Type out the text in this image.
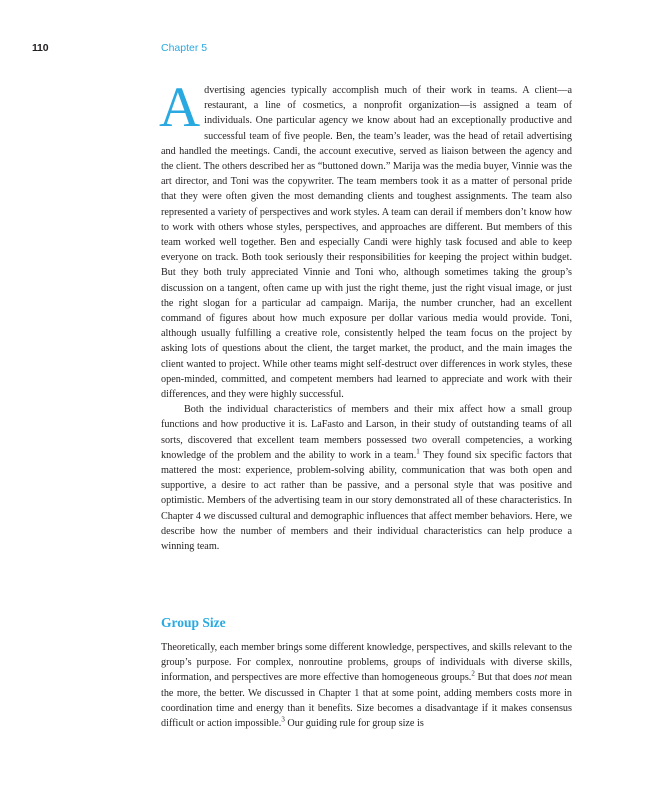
110	Chapter 5

Advertising agencies typically accomplish much of their work in teams. A client—a restaurant, a line of cosmetics, a nonprofit organization—is assigned a team of individuals. One particular agency we know about had an exceptionally productive and successful team of five people. Ben, the team’s leader, was the head of retail advertising and handled the meetings. Candi, the account executive, served as liaison between the agency and the client. The others described her as “buttoned down.” Marija was the media buyer, Vinnie was the art director, and Toni was the copywriter. The team members took it as a matter of personal pride that they were often given the most demanding clients and toughest assignments. The team also represented a variety of perspectives and work styles. A team can derail if members don’t know how to work with others whose styles, perspectives, and approaches are different. But members of this team worked well together. Ben and especially Candi were highly task focused and able to keep everyone on track. Both took seriously their responsibilities for keeping the project within budget. But they both truly appreciated Vinnie and Toni who, although sometimes taking the group’s discussion on a tangent, often came up with just the right theme, just the right visual image, or just the right slogan for a particular ad campaign. Marija, the number cruncher, had an excellent command of figures about how much exposure per dollar various media would provide. Toni, although usually fulfilling a creative role, consistently helped the team focus on the project by asking lots of questions about the client, the target market, the product, and the main images the client wanted to project. While other teams might self-destruct over differences in work styles, these open-minded, committed, and competent members had learned to appreciate and work with their differences, and they were highly successful.

Both the individual characteristics of members and their mix affect how a small group functions and how productive it is. LaFasto and Larson, in their study of outstanding teams of all sorts, discovered that excellent team members possessed two overall competencies, a working knowledge of the problem and the ability to work in a team.$^1$ They found six specific factors that mattered the most: experience, problem-solving ability, communication that was both open and supportive, a desire to act rather than be passive, and a personal style that was positive and optimistic. Members of the advertising team in our story demonstrated all of these characteristics. In Chapter 4 we discussed cultural and demographic influences that affect member behaviors. Here, we describe how the number of members and their individual characteristics can help produce a winning team.

Group Size

Theoretically, each member brings some different knowledge, perspectives, and skills relevant to the group’s purpose. For complex, nonroutine problems, groups of individuals with diverse skills, information, and perspectives are more effective than homogeneous groups.$^2$ But that does not mean the more, the better. We discussed in Chapter 1 that at some point, adding members costs more in coordination time and energy than it benefits. Size becomes a disadvantage if it makes consensus difficult or action impossible.$^3$ Our guiding rule for group size is
